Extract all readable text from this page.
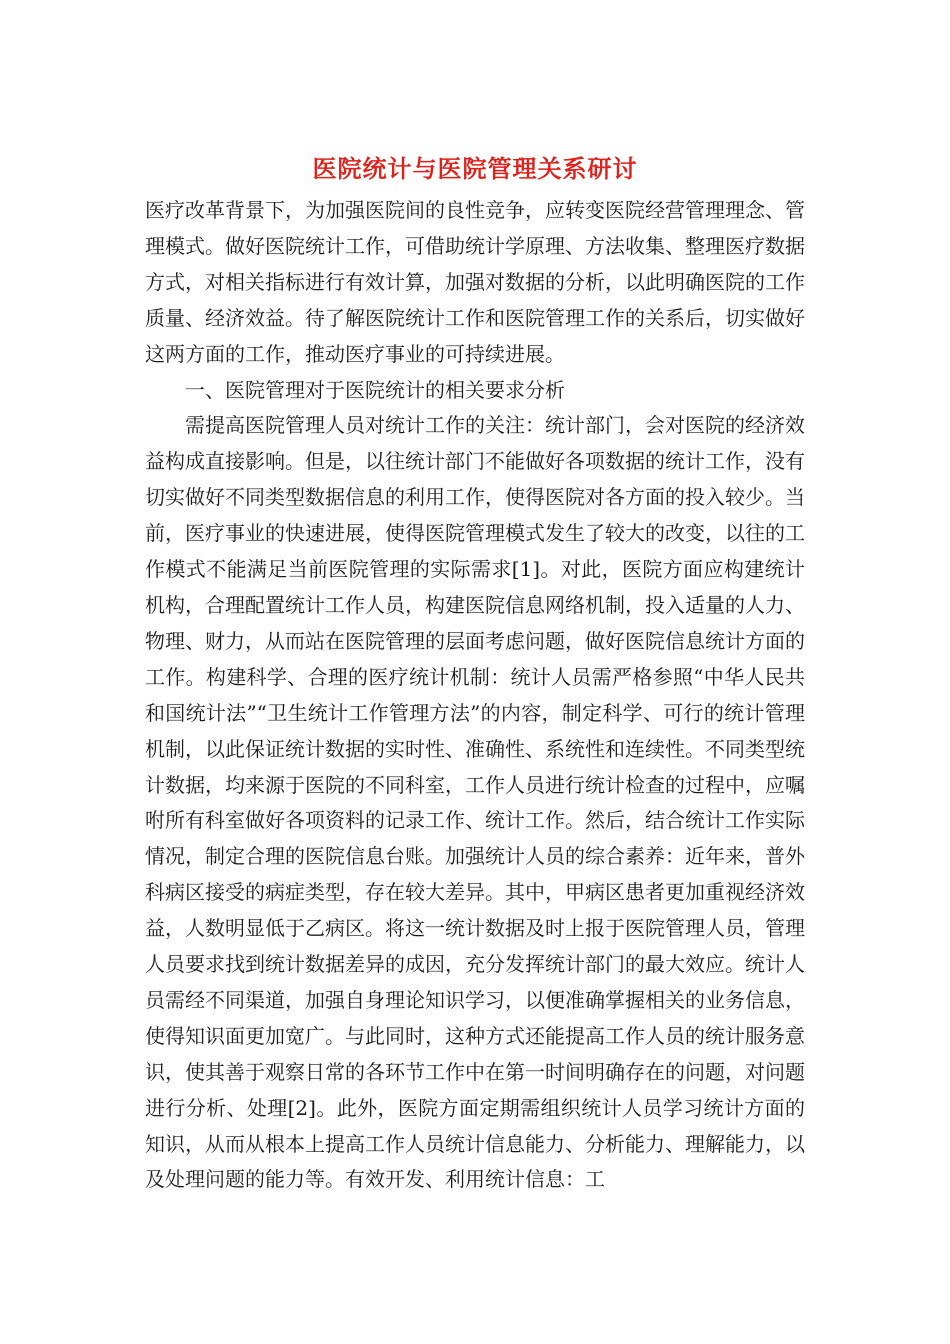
医院统计与医院管理关系研讨

医疗改革背景下，为加强医院间的良性竞争，应转变医院经营管理理念、管理模式。做好医院统计工作，可借助统计学原理、方法收集、整理医疗数据方式，对相关指标进行有效计算，加强对数据的分析，以此明确医院的工作质量、经济效益。待了解医院统计工作和医院管理工作的关系后，切实做好这两方面的工作，推动医疗事业的可持续进展。

一、医院管理对于医院统计的相关要求分析

需提高医院管理人员对统计工作的关注：统计部门，会对医院的经济效益构成直接影响。但是，以往统计部门不能做好各项数据的统计工作，没有切实做好不同类型数据信息的利用工作，使得医院对各方面的投入较少。当前，医疗事业的快速进展，使得医院管理模式发生了较大的改变，以往的工作模式不能满足当前医院管理的实际需求[1]。对此，医院方面应构建统计机构，合理配置统计工作人员，构建医院信息网络机制，投入适量的人力、物理、财力，从而站在医院管理的层面考虑问题，做好医院信息统计方面的工作。构建科学、合理的医疗统计机制：统计人员需严格参照“中华人民共和国统计法”“卫生统计工作管理方法”的内容，制定科学、可行的统计管理机制，以此保证统计数据的实时性、准确性、系统性和连续性。不同类型统计数据，均来源于医院的不同科室，工作人员进行统计检查的过程中，应嘱咐所有科室做好各项资料的记录工作、统计工作。然后，结合统计工作实际情况，制定合理的医院信息台账。加强统计人员的综合素养：近年来，普外科病区接受的病症类型，存在较大差异。其中，甲病区患者更加重视经济效益，人数明显低于乙病区。将这一统计数据及时上报于医院管理人员，管理人员要求找到统计数据差异的成因，充分发挥统计部门的最大效应。统计人员需经不同渠道，加强自身理论知识学习，以便准确掌握相关的业务信息，使得知识面更加宽广。与此同时，这种方式还能提高工作人员的统计服务意识，使其善于观察日常的各环节工作中在第一时间明确存在的问题，对问题进行分析、处理[2]。此外，医院方面定期需组织统计人员学习统计方面的知识，从而从根本上提高工作人员统计信息能力、分析能力、理解能力，以及处理问题的能力等。有效开发、利用统计信息：工
